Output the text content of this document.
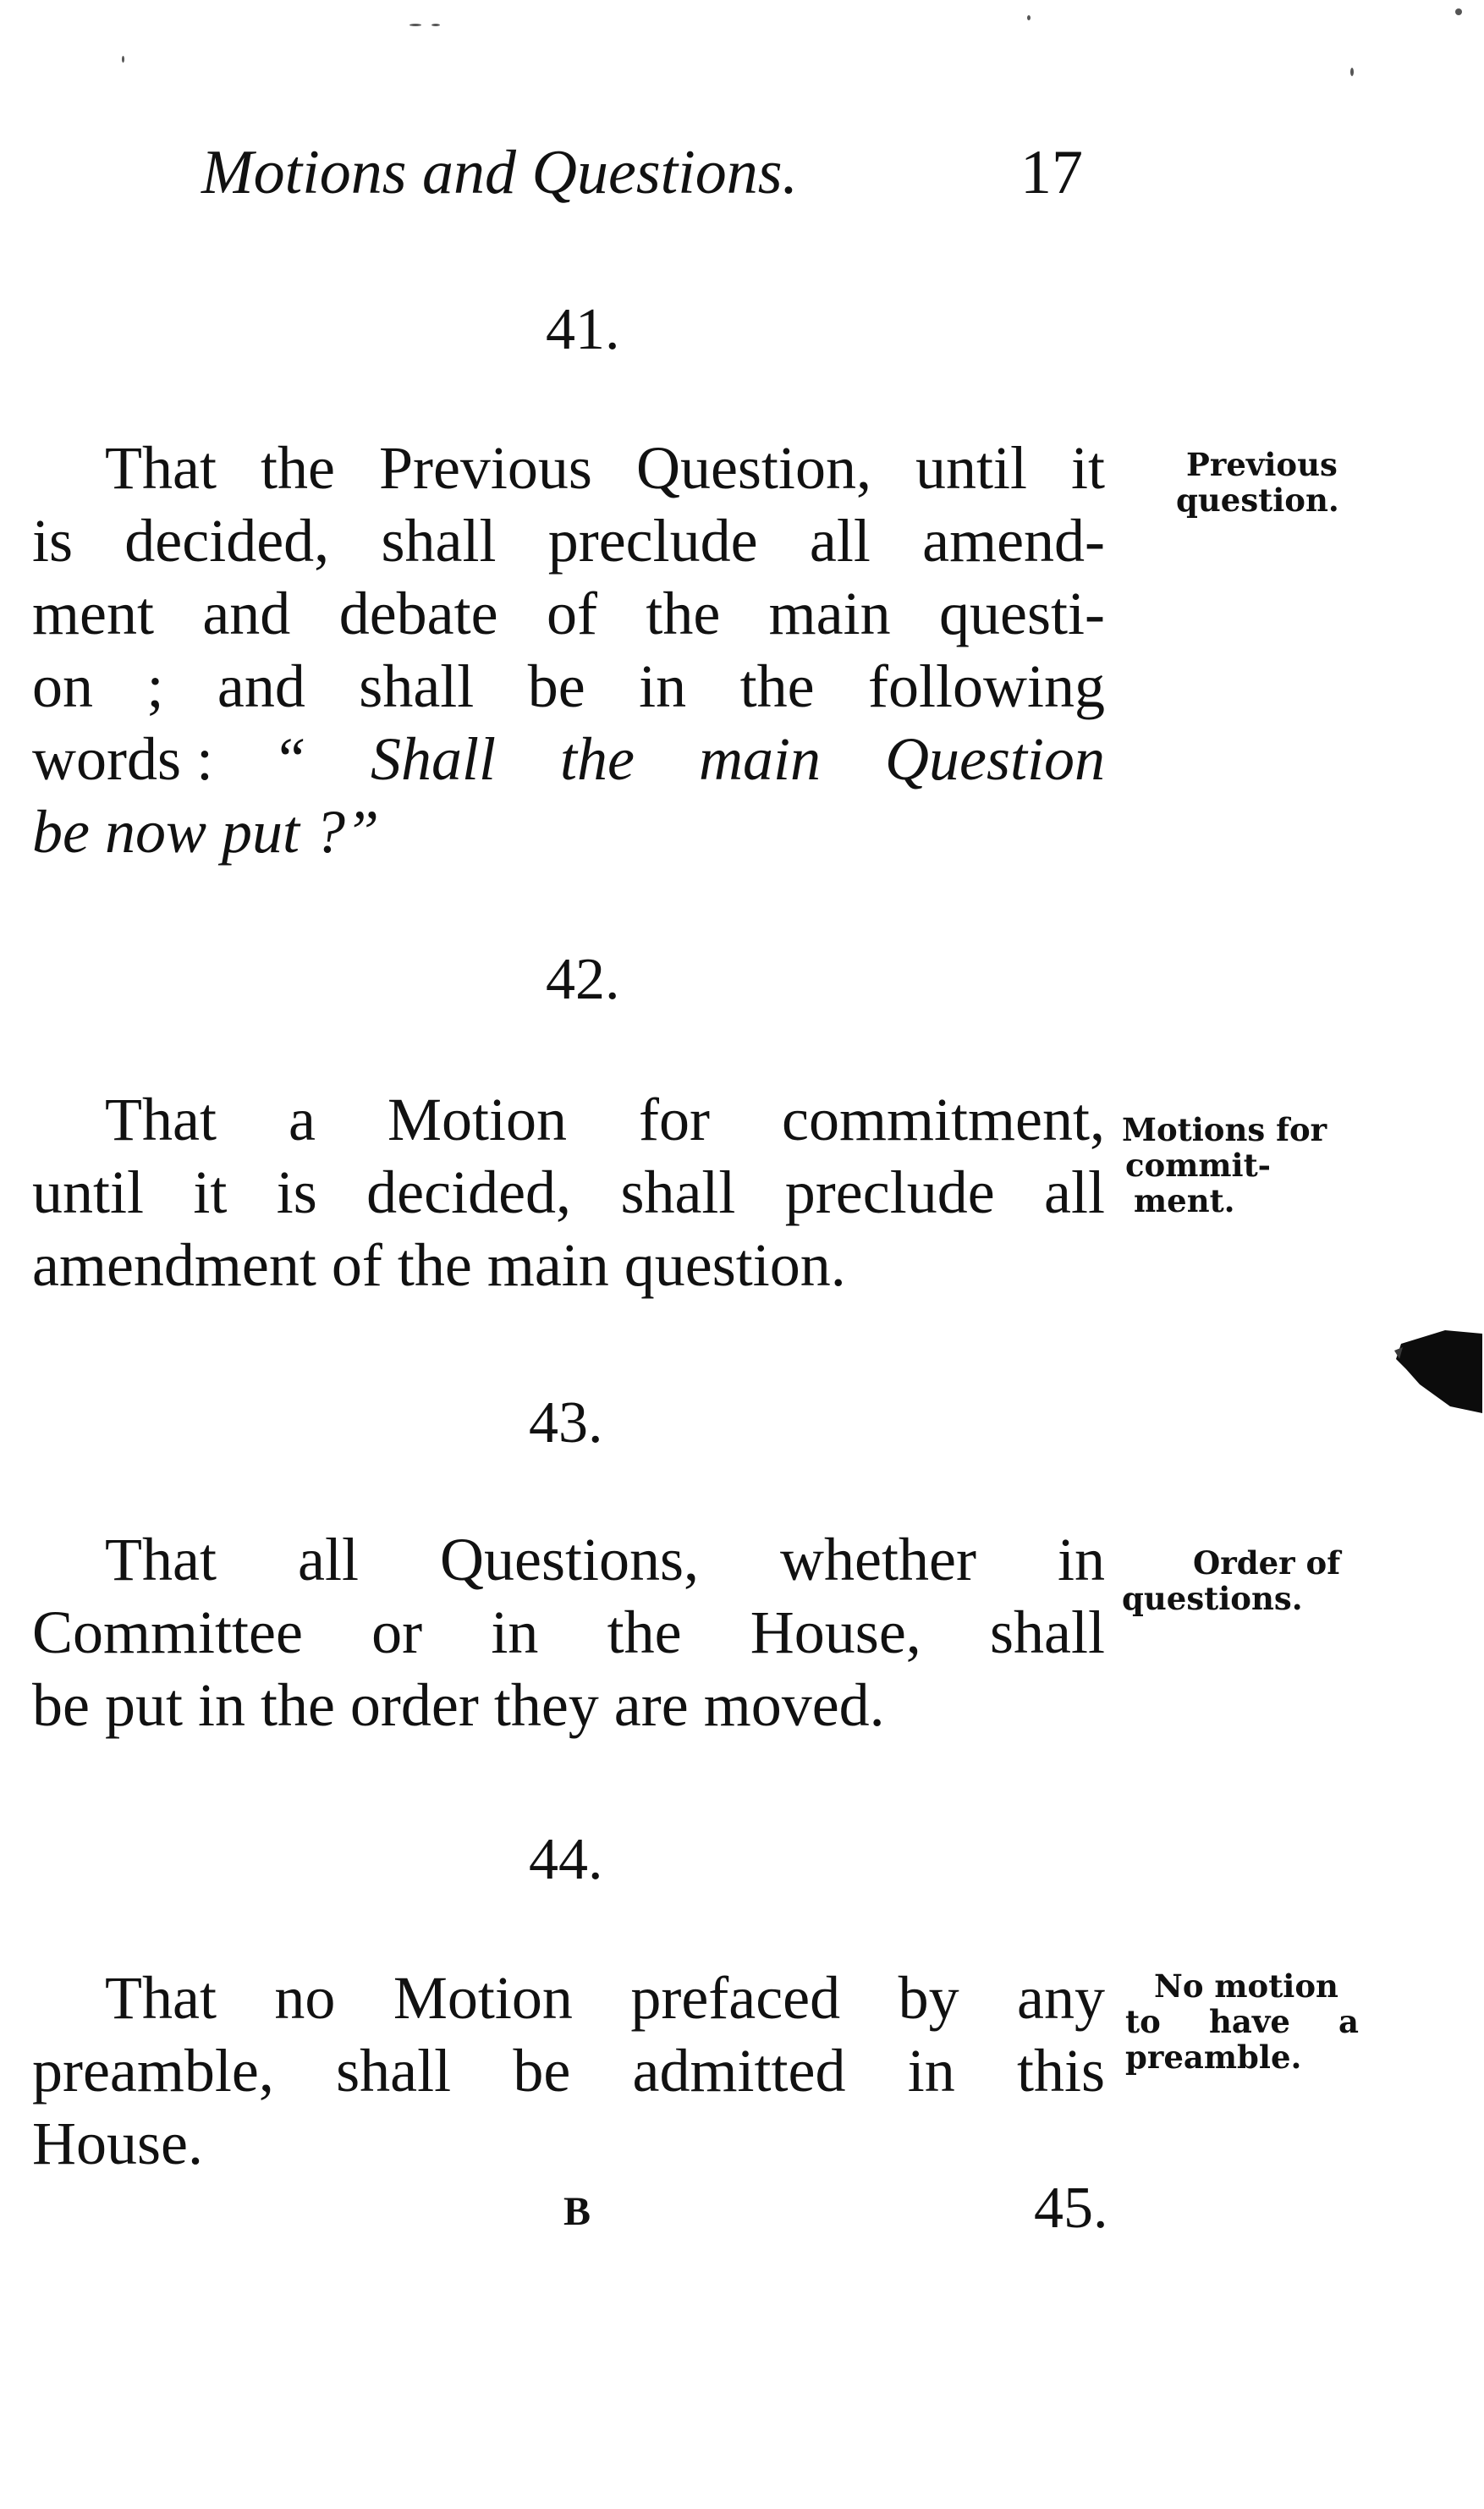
Motions and Questions.	17
41.
That the Previous Question, until it
is decided, shall preclude all amend-
ment and debate of the main questi-
on ; and shall be in the following
words : “ Shall the main Question
be now put ?”
Previous
question.
42.
That a Motion for commitment,
until it is decided, shall preclude all
amendment of the main question.
Motions for
commit-
ment.
43.
That all Questions, whether in
Committee or in the House, shall
be put in the order they are moved.
Order of
questions.
44.
That no Motion prefaced by any
preamble, shall be admitted in this
House.
No motion
to have a
preamble.
B	45.
